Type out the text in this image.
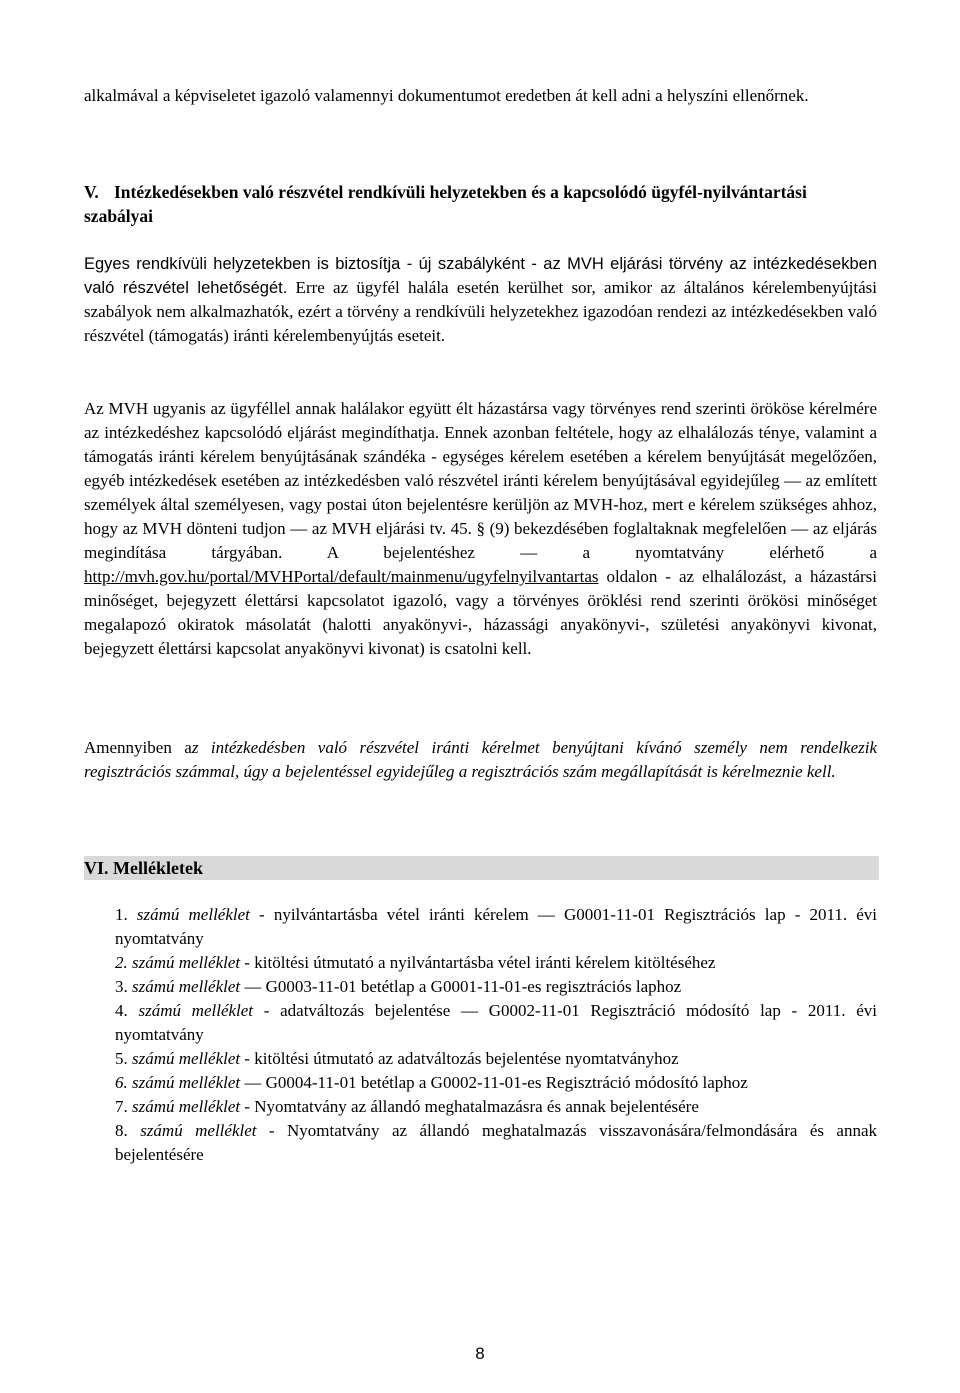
alkalmával a képviseletet igazoló valamennyi dokumentumot eredetben át kell adni a helyszíni ellenőrnek.
V. Intézkedésekben való részvétel rendkívüli helyzetekben és a kapcsolódó ügyfél-nyilvántartási szabályai
Egyes rendkívüli helyzetekben is biztosítja - új szabályként - az MVH eljárási törvény az intézkedésekben való részvétel lehetőségét. Erre az ügyfél halála esetén kerülhet sor, amikor az általános kérelembenyújtási szabályok nem alkalmazhatók, ezért a törvény a rendkívüli helyzetekhez igazodóan rendezi az intézkedésekben való részvétel (támogatás) iránti kérelembenyújtás eseteit.
Az MVH ugyanis az ügyféllel annak halálakor együtt élt házastársa vagy törvényes rend szerinti örököse kérelmére az intézkedéshez kapcsolódó eljárást megindíthatja. Ennek azonban feltétele, hogy az elhalálozás ténye, valamint a támogatás iránti kérelem benyújtásának szándéka - egységes kérelem esetében a kérelem benyújtását megelőzően, egyéb intézkedések esetében az intézkedésben való részvétel iránti kérelem benyújtásával egyidejűleg — az említett személyek által személyesen, vagy postai úton bejelentésre kerüljön az MVH-hoz, mert e kérelem szükséges ahhoz, hogy az MVH dönteni tudjon — az MVH eljárási tv. 45. § (9) bekezdésében foglaltaknak megfelelően — az eljárás megindítása tárgyában. A bejelentéshez — a nyomtatvány elérhető a http://mvh.gov.hu/portal/MVHPortal/default/mainmenu/ugyfelnyilvantartas oldalon - az elhalálozást, a házastársi minőséget, bejegyzett élettársi kapcsolatot igazoló, vagy a törvényes öröklési rend szerinti örökösi minőséget megalapozó okiratok másolatát (halotti anyakönyvi-, házassági anyakönyvi-, születési anyakönyvi kivonat, bejegyzett élettársi kapcsolat anyakönyvi kivonat) is csatolni kell.
Amennyiben az intézkedésben való részvétel iránti kérelmet benyújtani kívánó személy nem rendelkezik regisztrációs számmal, úgy a bejelentéssel egyidejűleg a regisztrációs szám megállapítását is kérelmeznie kell.
VI. Mellékletek

1. számú melléklet - nyilvántartásba vétel iránti kérelem — G0001-11-01 Regisztrációs lap - 2011. évi nyomtatvány

2. számú melléklet - kitöltési útmutató a nyilvántartásba vétel iránti kérelem kitöltéséhez

3. számú melléklet — G0003-11-01 betétlap a G0001-11-01-es regisztrációs laphoz

4. számú melléklet - adatváltozás bejelentése — G0002-11-01 Regisztráció módosító lap - 2011. évi nyomtatvány

5. számú melléklet - kitöltési útmutató az adatváltozás bejelentése nyomtatványhoz

6. számú melléklet — G0004-11-01 betétlap a G0002-11-01-es Regisztráció módosító laphoz

7. számú melléklet - Nyomtatvány az állandó meghatalmazásra és annak bejelentésére

8. számú melléklet - Nyomtatvány az állandó meghatalmazás visszavonására/felmondására és annak bejelentésére

8
